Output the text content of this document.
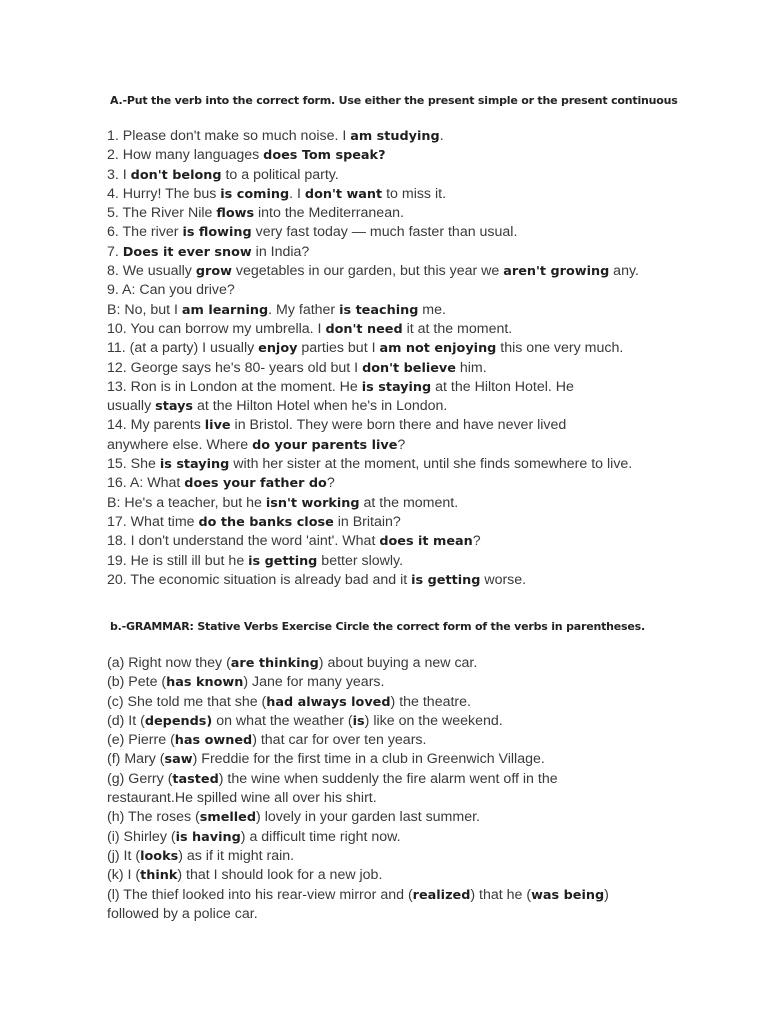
A.-Put the verb into the correct form. Use either the present simple or the present continuous
1. Please don't make so much noise. I am studying.
2. How many languages does Tom speak?
3. I don't belong to a political party.
4. Hurry! The bus is coming. I don't want to miss it.
5. The River Nile flows into the Mediterranean.
6. The river is flowing very fast today — much faster than usual.
7. Does it ever snow in India?
8. We usually grow vegetables in our garden, but this year we aren't growing any.
9. A: Can you drive?
B: No, but I am learning. My father is teaching me.
10. You can borrow my umbrella. I don't need it at the moment.
11. (at a party) I usually enjoy parties but I am not enjoying this one very much.
12. George says he's 80- years old but I don't believe him.
13. Ron is in London at the moment. He is staying at the Hilton Hotel. He
usually stays at the Hilton Hotel when he's in London.
14. My parents live in Bristol. They were born there and have never lived
anywhere else. Where do your parents live?
15. She is staying with her sister at the moment, until she finds somewhere to live.
16. A: What does your father do?
B: He's a teacher, but he isn't working at the moment.
17. What time do the banks close in Britain?
18. I don't understand the word 'aint'. What does it mean?
19. He is still ill but he is getting better slowly.
20. The economic situation is already bad and it is getting worse.
b.-GRAMMAR: Stative Verbs Exercise Circle the correct form of the verbs in parentheses.
(a) Right now they (are thinking) about buying a new car.
(b) Pete (has known) Jane for many years.
(c) She told me that she (had always loved) the theatre.
(d) It (depends) on what the weather (is) like on the weekend.
(e) Pierre (has owned) that car for over ten years.
(f) Mary (saw) Freddie for the first time in a club in Greenwich Village.
(g) Gerry (tasted) the wine when suddenly the fire alarm went off in the
restaurant.He spilled wine all over his shirt.
(h) The roses (smelled) lovely in your garden last summer.
(i) Shirley (is having) a difficult time right now.
(j) It (looks) as if it might rain.
(k) I (think) that I should look for a new job.
(l) The thief looked into his rear-view mirror and (realized) that he (was being)
followed by a police car.
